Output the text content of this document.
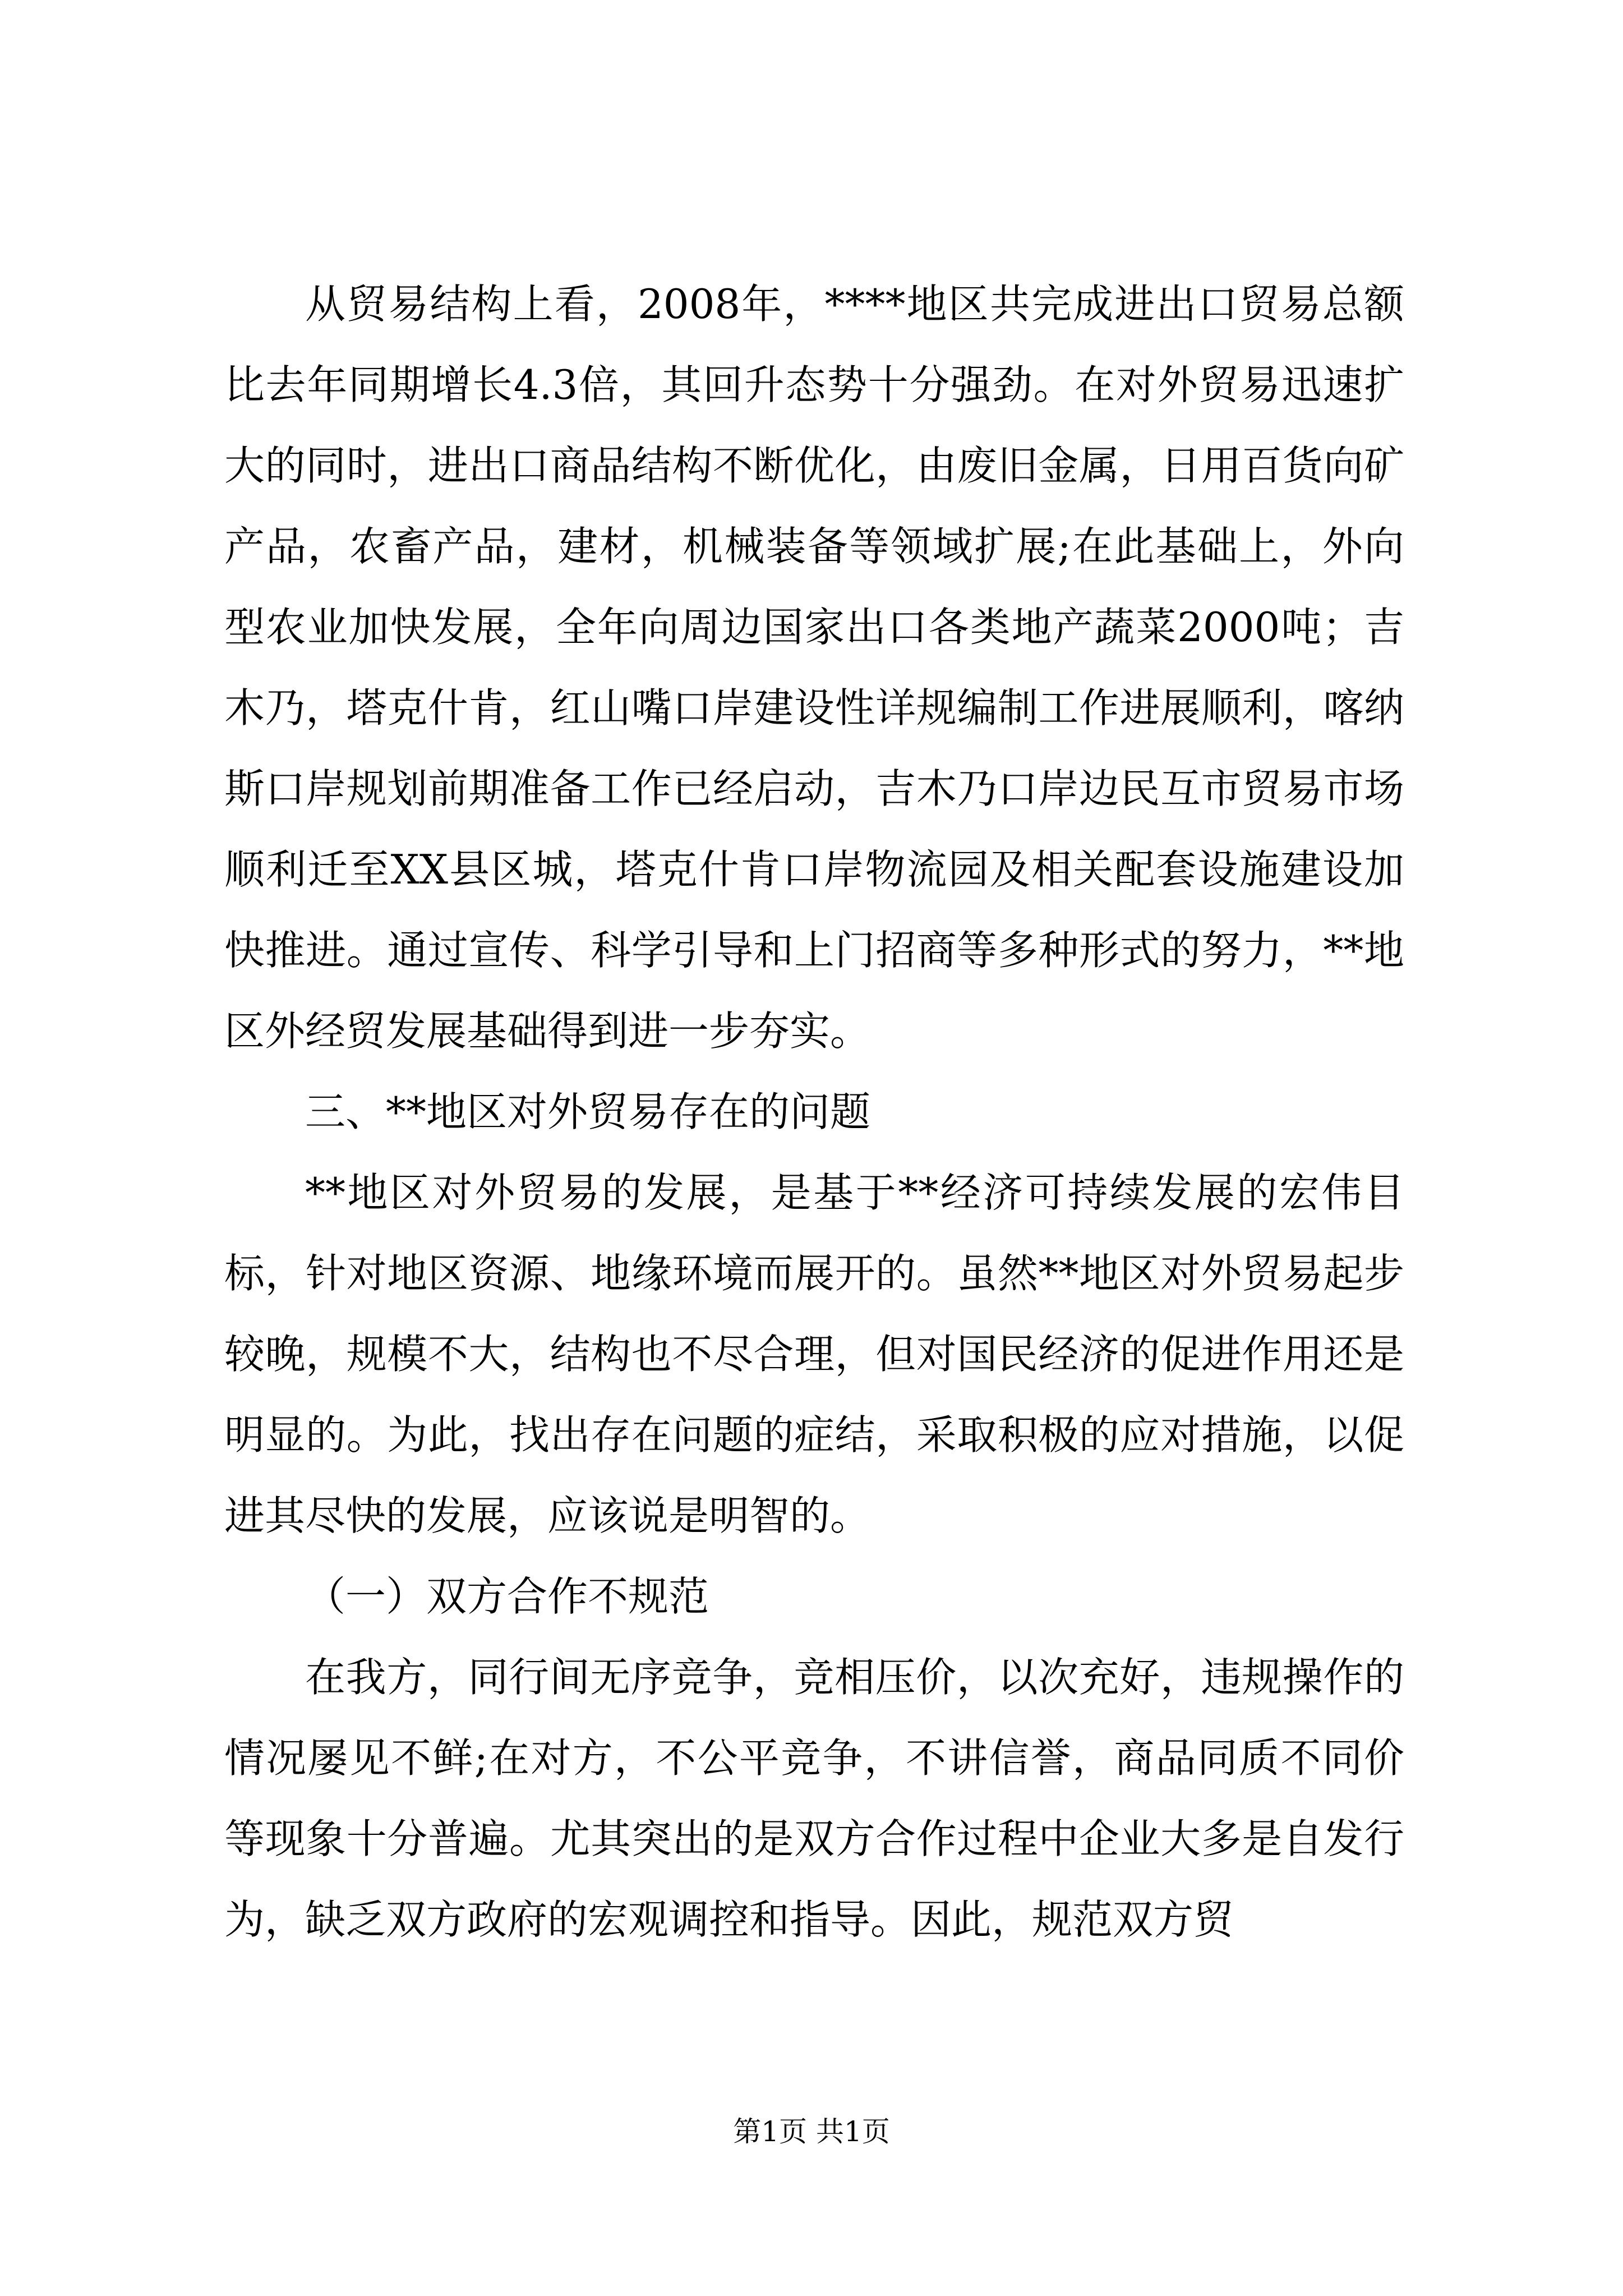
从贸易结构上看，2008年，****地区共完成进出口贸易总额比去年同期增长4.3倍，其回升态势十分强劲。在对外贸易迅速扩大的同时，进出口商品结构不断优化，由废旧金属，日用百货向矿产品，农畜产品，建材，机械装备等领域扩展;在此基础上，外向型农业加快发展，全年向周边国家出口各类地产蔬菜2000吨；吉木乃，塔克什肯，红山嘴口岸建设性详规编制工作进展顺利，喀纳斯口岸规划前期准备工作已经启动，吉木乃口岸边民互市贸易市场顺利迁至XX县区城，塔克什肯口岸物流园及相关配套设施建设加快推进。通过宣传、科学引导和上门招商等多种形式的努力，**地区外经贸发展基础得到进一步夯实。

三、**地区对外贸易存在的问题

**地区对外贸易的发展，是基于**经济可持续发展的宏伟目标，针对地区资源、地缘环境而展开的。虽然**地区对外贸易起步较晚，规模不大，结构也不尽合理，但对国民经济的促进作用还是明显的。为此，找出存在问题的症结，采取积极的应对措施，以促进其尽快的发展，应该说是明智的。

（一）双方合作不规范

在我方，同行间无序竞争，竞相压价，以次充好，违规操作的情况屡见不鲜;在对方，不公平竞争，不讲信誉，商品同质不同价等现象十分普遍。尤其突出的是双方合作过程中企业大多是自发行为，缺乏双方政府的宏观调控和指导。因此，规范双方贸

第1页 共1页
